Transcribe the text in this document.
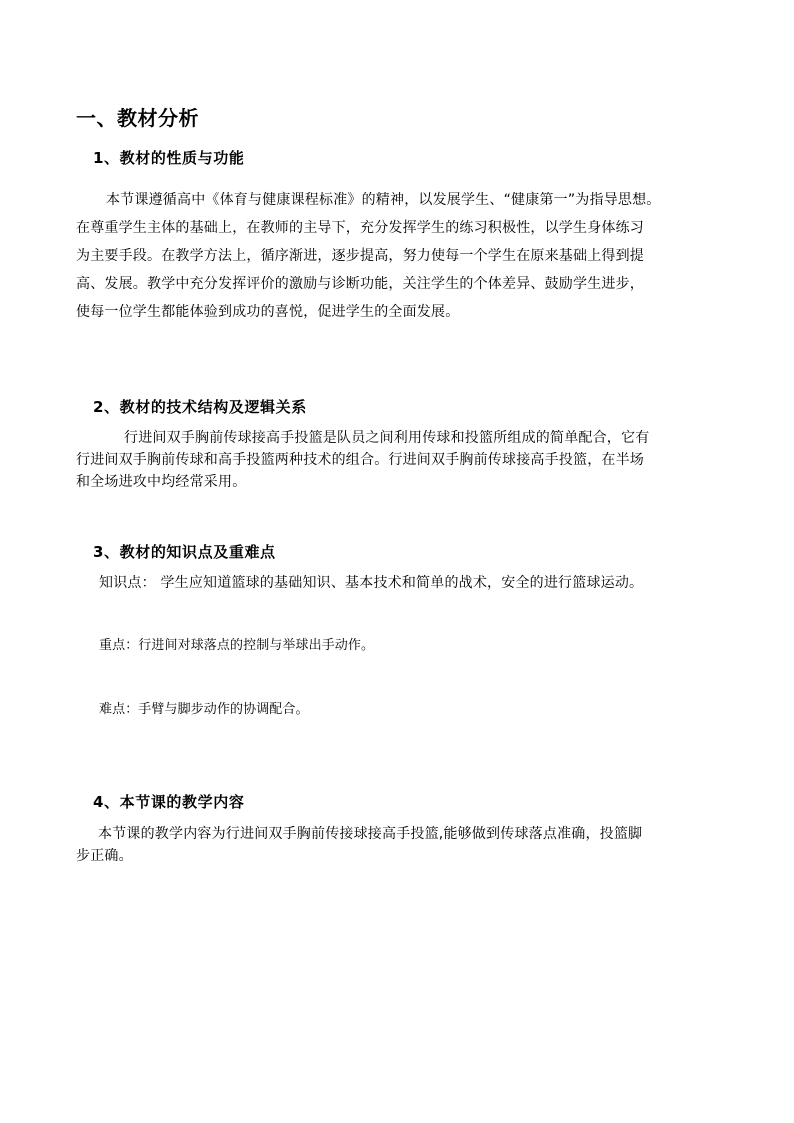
一、教材分析
1、教材的性质与功能
本节课遵循高中《体育与健康课程标准》的精神，以发展学生、“健康第一”为指导思想。
在尊重学生主体的基础上，在教师的主导下，充分发挥学生的练习积极性，以学生身体练习
为主要手段。在教学方法上，循序渐进，逐步提高，努力使每一个学生在原来基础上得到提
高、发展。教学中充分发挥评价的激励与诊断功能，关注学生的个体差异、鼓励学生进步，
使每一位学生都能体验到成功的喜悦，促进学生的全面发展。
2、教材的技术结构及逻辑关系
行进间双手胸前传球接高手投篮是队员之间利用传球和投篮所组成的简单配合，它有
行进间双手胸前传球和高手投篮两种技术的组合。行进间双手胸前传球接高手投篮，在半场
和全场进攻中均经常采用。
3、教材的知识点及重难点

知识点： 学生应知道篮球的基础知识、基本技术和简单的战术，安全的进行篮球运动。

重点：行进间对球落点的控制与举球出手动作。

难点：手臂与脚步动作的协调配合。

4、本节课的教学内容
本节课的教学内容为行进间双手胸前传接球接高手投篮,能够做到传球落点准确，投篮脚
步正确。
